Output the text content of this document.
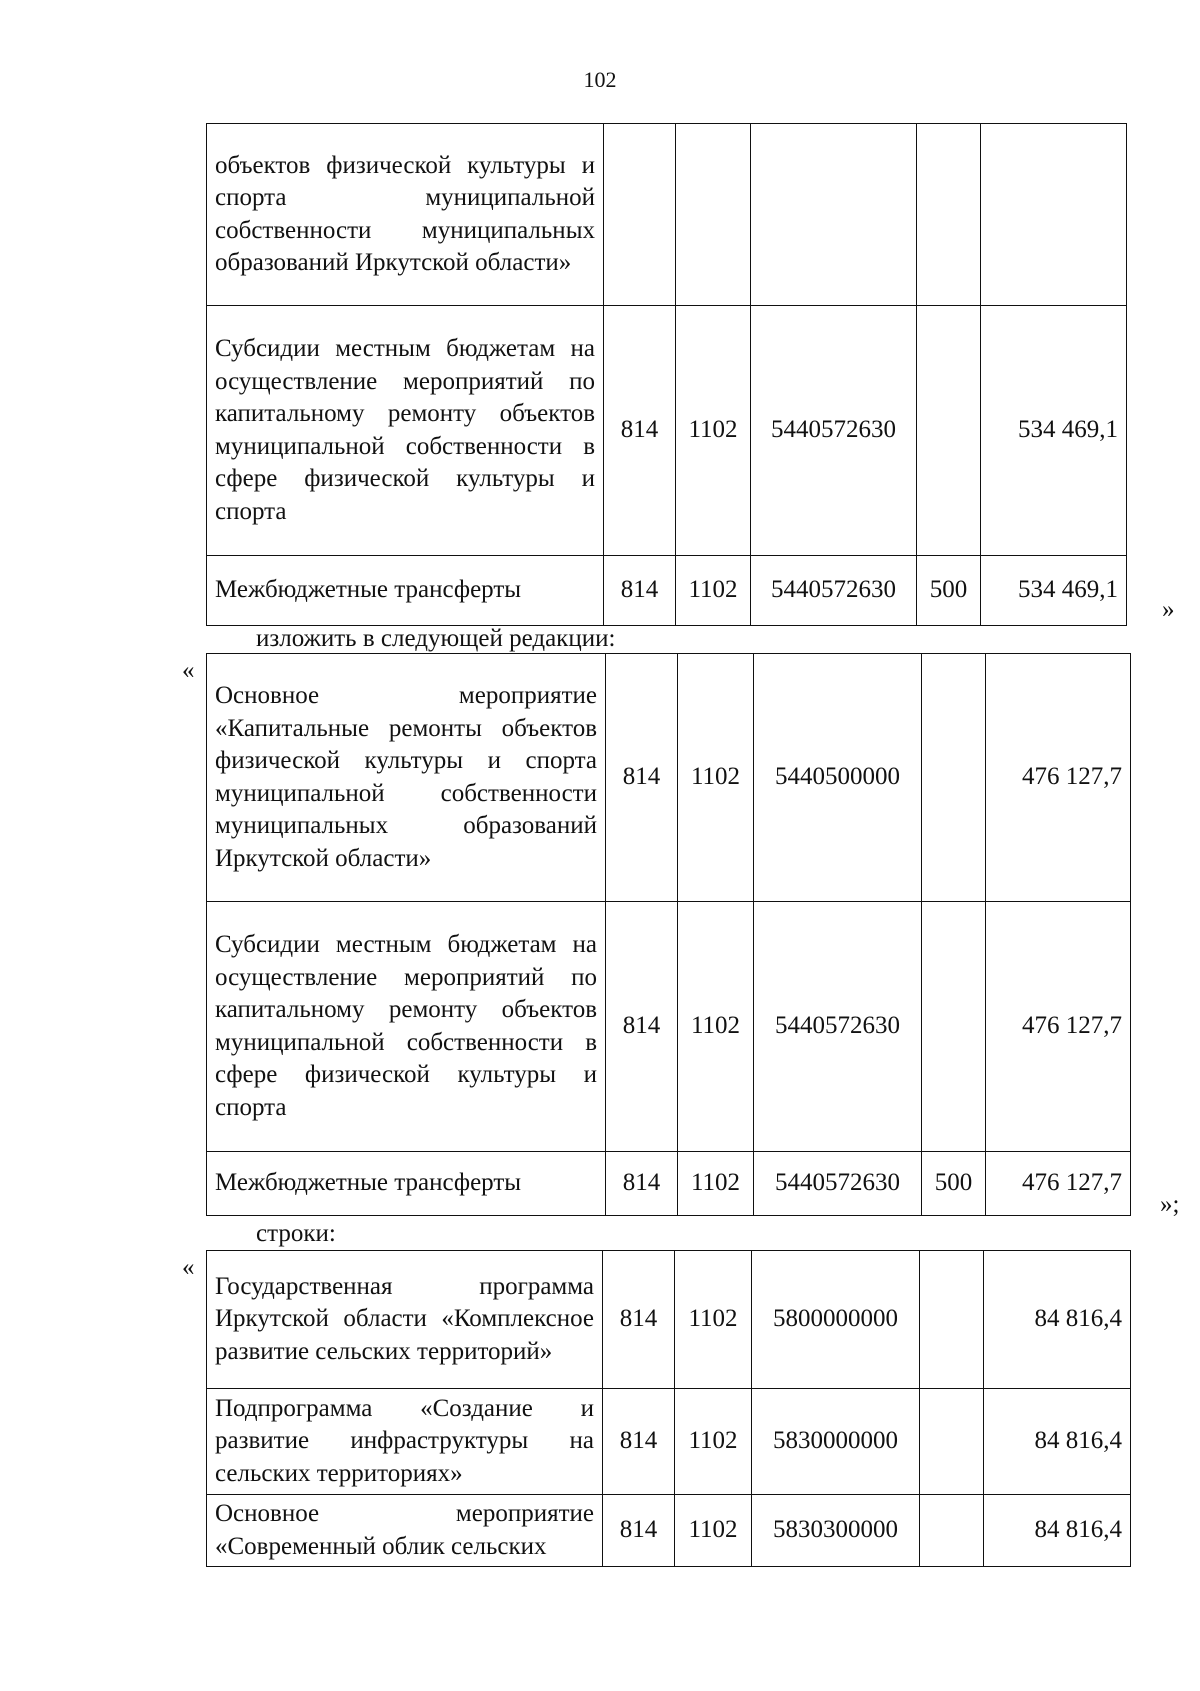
102
объектов физической культуры и спорта муниципальной собственности муниципальных образований Иркутской области»					
Субсидии местным бюджетам на осуществление мероприятий по капитальному ремонту объектов муниципальной собственности в сфере физической культуры и спорта	814	1102	5440572630		534 469,1
Межбюджетные трансферты	814	1102	5440572630	500	534 469,1
»
изложить в следующей редакции:
«
Основное мероприятие «Капитальные ремонты объектов физической культуры и спорта муниципальной собственности муниципальных образований Иркутской области»	814	1102	5440500000		476 127,7
Субсидии местным бюджетам на осуществление мероприятий по капитальному ремонту объектов муниципальной собственности в сфере физической культуры и спорта	814	1102	5440572630		476 127,7
Межбюджетные трансферты	814	1102	5440572630	500	476 127,7
»;
строки:
«
Государственная программа Иркутской области «Комплексное развитие сельских территорий»	814	1102	5800000000		84 816,4
Подпрограмма «Создание и развитие инфраструктуры на сельских территориях»	814	1102	5830000000		84 816,4
Основное мероприятие «Современный облик сельских	814	1102	5830300000		84 816,4
